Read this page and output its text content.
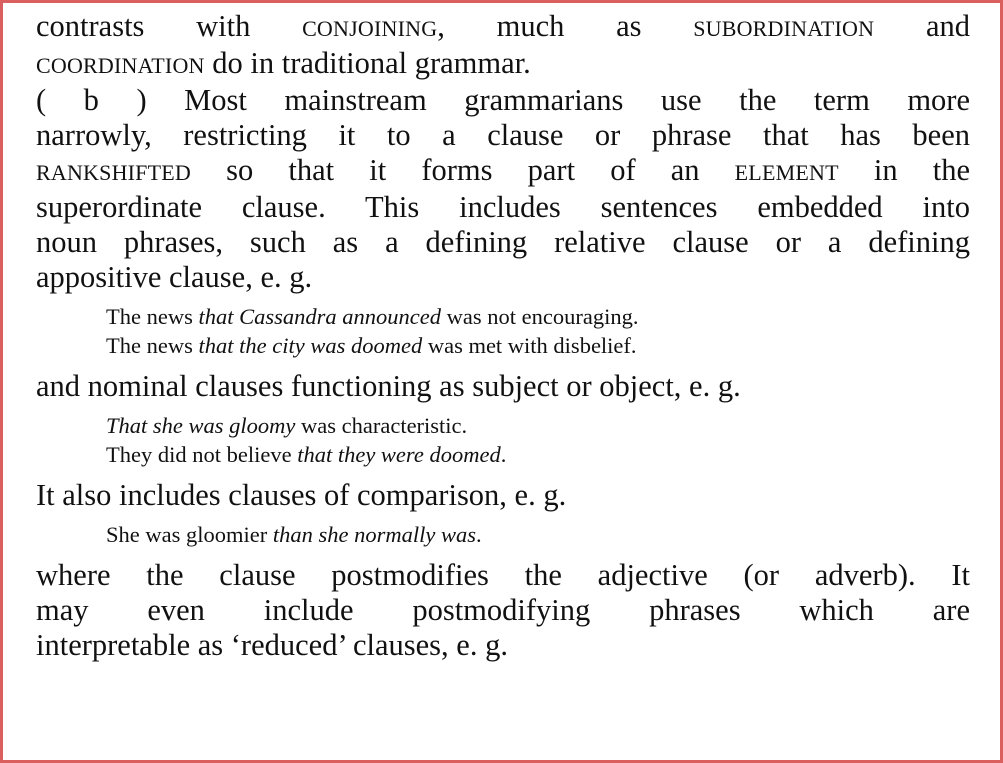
contrasts with CONJOINING, much as SUBORDINATION and
COORDINATION do in traditional grammar.
( b ) Most mainstream grammarians use the term more
narrowly, restricting it to a clause or phrase that has been
RANKSHIFTED so that it forms part of an ELEMENT in the
superordinate clause. This includes sentences embedded into
noun phrases, such as a defining relative clause or a defining
appositive clause, e. g.

The news that Cassandra announced was not encouraging.

The news that the city was doomed was met with disbelief.

and nominal clauses functioning as subject or object, e. g.

That she was gloomy was characteristic.

They did not believe that they were doomed.

It also includes clauses of comparison, e. g.

She was gloomier than she normally was.

where the clause postmodifies the adjective (or adverb). It
may even include postmodifying phrases which are
interpretable as ‘reduced’ clauses, e. g.
